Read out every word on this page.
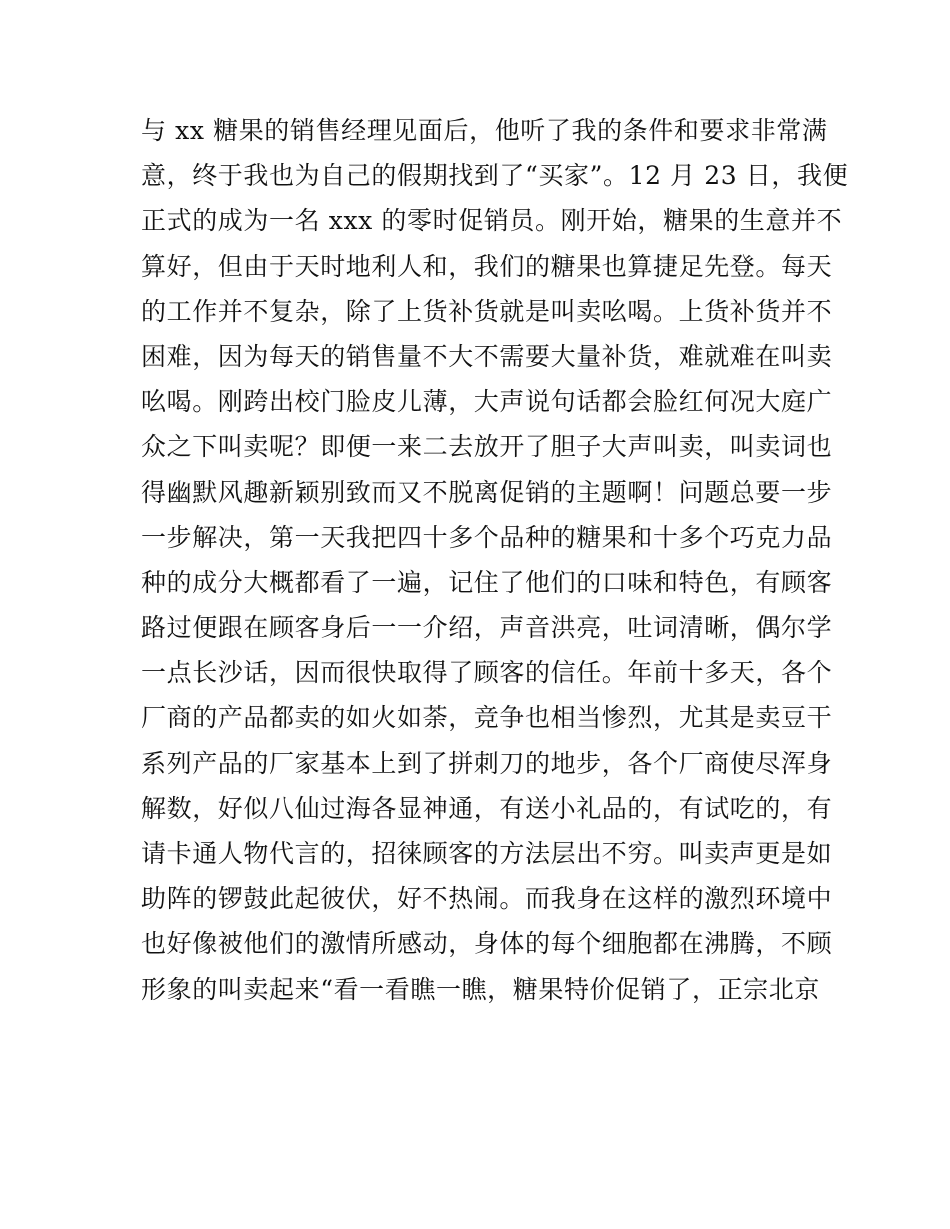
与 xx 糖果的销售经理见面后，他听了我的条件和要求非常满
意，终于我也为自己的假期找到了“买家”。12 月 23 日，我便
正式的成为一名 xxx 的零时促销员。刚开始，糖果的生意并不
算好，但由于天时地利人和，我们的糖果也算捷足先登。每天
的工作并不复杂，除了上货补货就是叫卖吆喝。上货补货并不
困难，因为每天的销售量不大不需要大量补货，难就难在叫卖
吆喝。刚跨出校门脸皮儿薄，大声说句话都会脸红何况大庭广
众之下叫卖呢？即便一来二去放开了胆子大声叫卖，叫卖词也
得幽默风趣新颖别致而又不脱离促销的主题啊！问题总要一步
一步解决，第一天我把四十多个品种的糖果和十多个巧克力品
种的成分大概都看了一遍，记住了他们的口味和特色，有顾客
路过便跟在顾客身后一一介绍，声音洪亮，吐词清晰，偶尔学
一点长沙话，因而很快取得了顾客的信任。年前十多天，各个
厂商的产品都卖的如火如荼，竞争也相当惨烈，尤其是卖豆干
系列产品的厂家基本上到了拼刺刀的地步，各个厂商使尽浑身
解数，好似八仙过海各显神通，有送小礼品的，有试吃的，有
请卡通人物代言的，招徕顾客的方法层出不穷。叫卖声更是如
助阵的锣鼓此起彼伏，好不热闹。而我身在这样的激烈环境中
也好像被他们的激情所感动，身体的每个细胞都在沸腾，不顾
形象的叫卖起来“看一看瞧一瞧，糖果特价促销了，正宗北京
